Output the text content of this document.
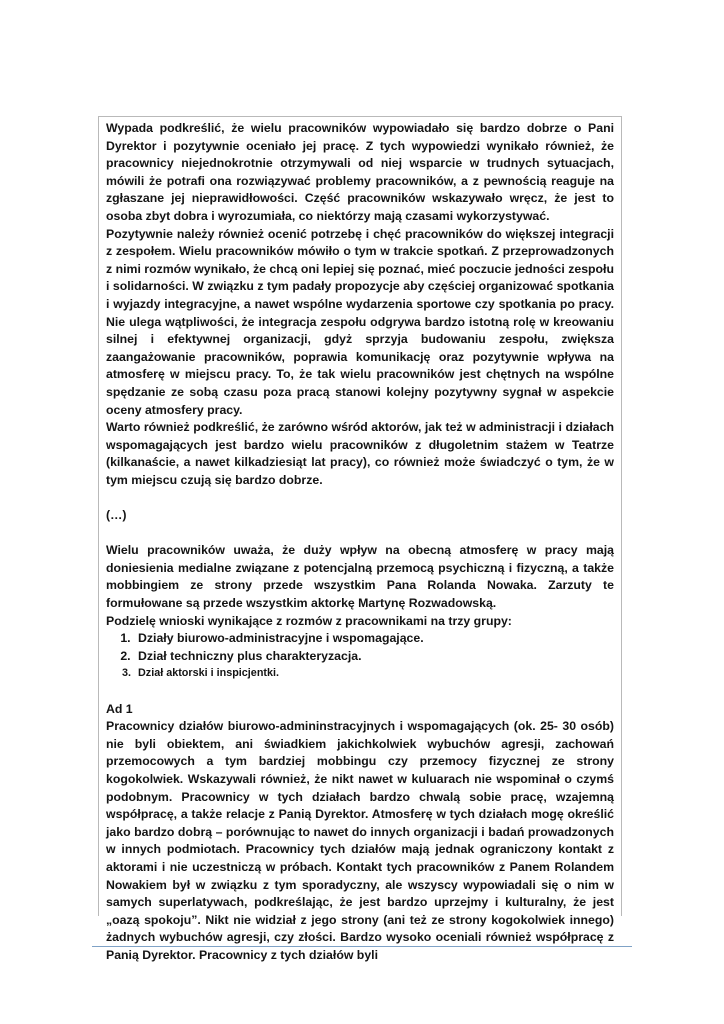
Wypada podkreślić, że wielu pracowników wypowiadało się bardzo dobrze o Pani Dyrektor i pozytywnie oceniało jej pracę. Z tych wypowiedzi wynikało również, że pracownicy niejednokrotnie otrzymywali od niej wsparcie w trudnych sytuacjach, mówili że potrafi ona rozwiązywać problemy pracowników, a z pewnością reaguje na zgłaszane jej nieprawidłowości. Część pracowników wskazywało wręcz, że jest to osoba zbyt dobra i wyrozumiała, co niektórzy mają czasami wykorzystywać.

Pozytywnie należy również ocenić potrzebę i chęć pracowników do większej integracji z zespołem. Wielu pracowników mówiło o tym w trakcie spotkań. Z przeprowadzonych z nimi rozmów wynikało, że chcą oni lepiej się poznać, mieć poczucie jedności zespołu i solidarności. W związku z tym padały propozycje aby częściej organizować spotkania i wyjazdy integracyjne, a nawet wspólne wydarzenia sportowe czy spotkania po pracy. Nie ulega wątpliwości, że integracja zespołu odgrywa bardzo istotną rolę w kreowaniu silnej i efektywnej organizacji, gdyż sprzyja budowaniu zespołu, zwiększa zaangażowanie pracowników, poprawia komunikację oraz pozytywnie wpływa na atmosferę w miejscu pracy. To, że tak wielu pracowników jest chętnych na wspólne spędzanie ze sobą czasu poza pracą stanowi kolejny pozytywny sygnał w aspekcie oceny atmosfery pracy.

Warto również podkreślić, że zarówno wśród aktorów, jak też w administracji i działach wspomagających jest bardzo wielu pracowników z długoletnim stażem w Teatrze (kilkanaście, a nawet kilkadziesiąt lat pracy), co również może świadczyć o tym, że w tym miejscu czują się bardzo dobrze.

(…)

Wielu pracowników uważa, że duży wpływ na obecną atmosferę w pracy mają doniesienia medialne związane z potencjalną przemocą psychiczną i fizyczną, a także mobbingiem ze strony przede wszystkim Pana Rolanda Nowaka. Zarzuty te formułowane są przede wszystkim aktorkę Martynę Rozwadowską.

Podzielę wnioski wynikające z rozmów z pracownikami na trzy grupy:

1. Działy biurowo-administracyjne i wspomagające.
2. Dział techniczny plus charakteryzacja.
3. Dział aktorski i inspicjentki.

Ad 1

Pracownicy działów biurowo-admininstracyjnych i wspomagających (ok. 25- 30 osób) nie byli obiektem, ani świadkiem jakichkolwiek wybuchów agresji, zachowań przemocowych a tym bardziej mobbingu czy przemocy fizycznej ze strony kogokolwiek. Wskazywali również, że nikt nawet w kuluarach nie wspominał o czymś podobnym. Pracownicy w tych działach bardzo chwalą sobie pracę, wzajemną współpracę, a także relacje z Panią Dyrektor. Atmosferę w tych działach mogę określić jako bardzo dobrą – porównując to nawet do innych organizacji i badań prowadzonych w innych podmiotach. Pracownicy tych działów mają jednak ograniczony kontakt z aktorami i nie uczestniczą w próbach. Kontakt tych pracowników z Panem Rolandem Nowakiem był w związku z tym sporadyczny, ale wszyscy wypowiadali się o nim w samych superlatywach, podkreślając, że jest bardzo uprzejmy i kulturalny, że jest „oazą spokoju”. Nikt nie widział z jego strony (ani też ze strony kogokolwiek innego) żadnych wybuchów agresji, czy złości. Bardzo wysoko oceniali również współpracę z Panią Dyrektor. Pracownicy z tych działów byli
